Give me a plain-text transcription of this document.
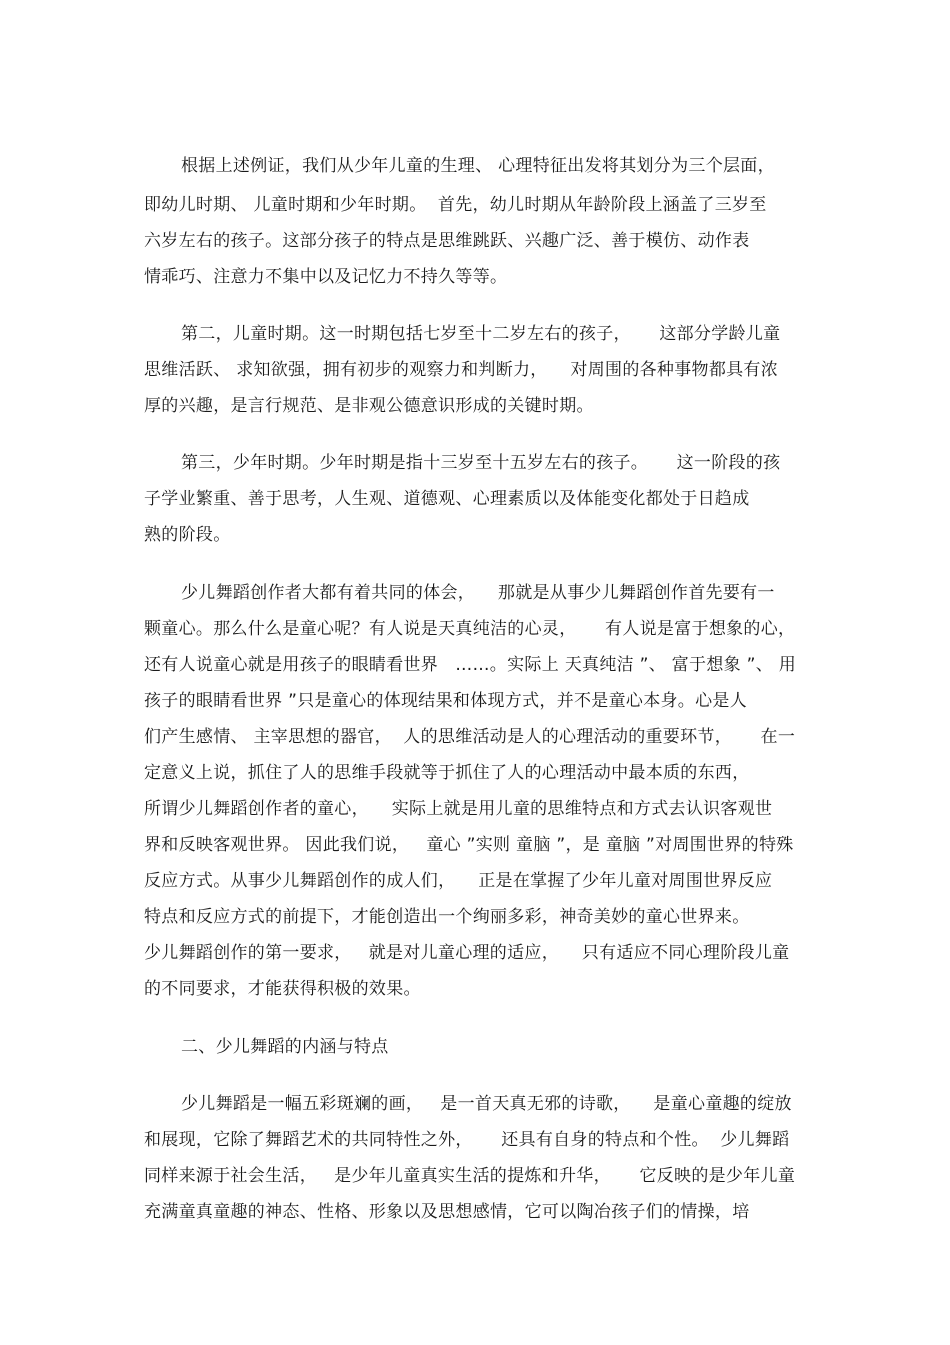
根据上述例证，我们从少年儿童的生理、 心理特征出发将其划分为三个层面，
即幼儿时期、 儿童时期和少年时期。  首先，幼儿时期从年龄阶段上涵盖了三岁至
六岁左右的孩子。这部分孩子的特点是思维跳跃、兴趣广泛、善于模仿、动作表
情乖巧、注意力不集中以及记忆力不持久等等。
第二，儿童时期。这一时期包括七岁至十二岁左右的孩子，     这部分学龄儿童
思维活跃、 求知欲强，拥有初步的观察力和判断力，    对周围的各种事物都具有浓
厚的兴趣，是言行规范、是非观公德意识形成的关键时期。
第三，少年时期。少年时期是指十三岁至十五岁左右的孩子。     这一阶段的孩
子学业繁重、善于思考，人生观、道德观、心理素质以及体能变化都处于日趋成
熟的阶段。
少儿舞蹈创作者大都有着共同的体会，    那就是从事少儿舞蹈创作首先要有一
颗童心。那么什么是童心呢？有人说是天真纯洁的心灵，     有人说是富于想象的心，
还有人说童心就是用孩子的眼睛看世界   ……。实际上 天真纯洁 ”、 富于想象 ”、 用
孩子的眼睛看世界 ”只是童心的体现结果和体现方式，并不是童心本身。心是人
们产生感情、 主宰思想的器官，  人的思维活动是人的心理活动的重要环节，     在一
定意义上说，抓住了人的思维手段就等于抓住了人的心理活动中最本质的东西，
所谓少儿舞蹈创作者的童心，    实际上就是用儿童的思维特点和方式去认识客观世
界和反映客观世界。 因此我们说，   童心 ”实则 童脑 ”，是 童脑 ”对周围世界的特殊
反应方式。从事少儿舞蹈创作的成人们，    正是在掌握了少年儿童对周围世界反应
特点和反应方式的前提下，才能创造出一个绚丽多彩，神奇美妙的童心世界来。
少儿舞蹈创作的第一要求，   就是对儿童心理的适应，    只有适应不同心理阶段儿童
的不同要求，才能获得积极的效果。
二、少儿舞蹈的内涵与特点
少儿舞蹈是一幅五彩斑斓的画，   是一首天真无邪的诗歌，    是童心童趣的绽放
和展现，它除了舞蹈艺术的共同特性之外，     还具有自身的特点和个性。  少儿舞蹈
同样来源于社会生活，   是少年儿童真实生活的提炼和升华，     它反映的是少年儿童
充满童真童趣的神态、性格、形象以及思想感情，它可以陶冶孩子们的情操，培
